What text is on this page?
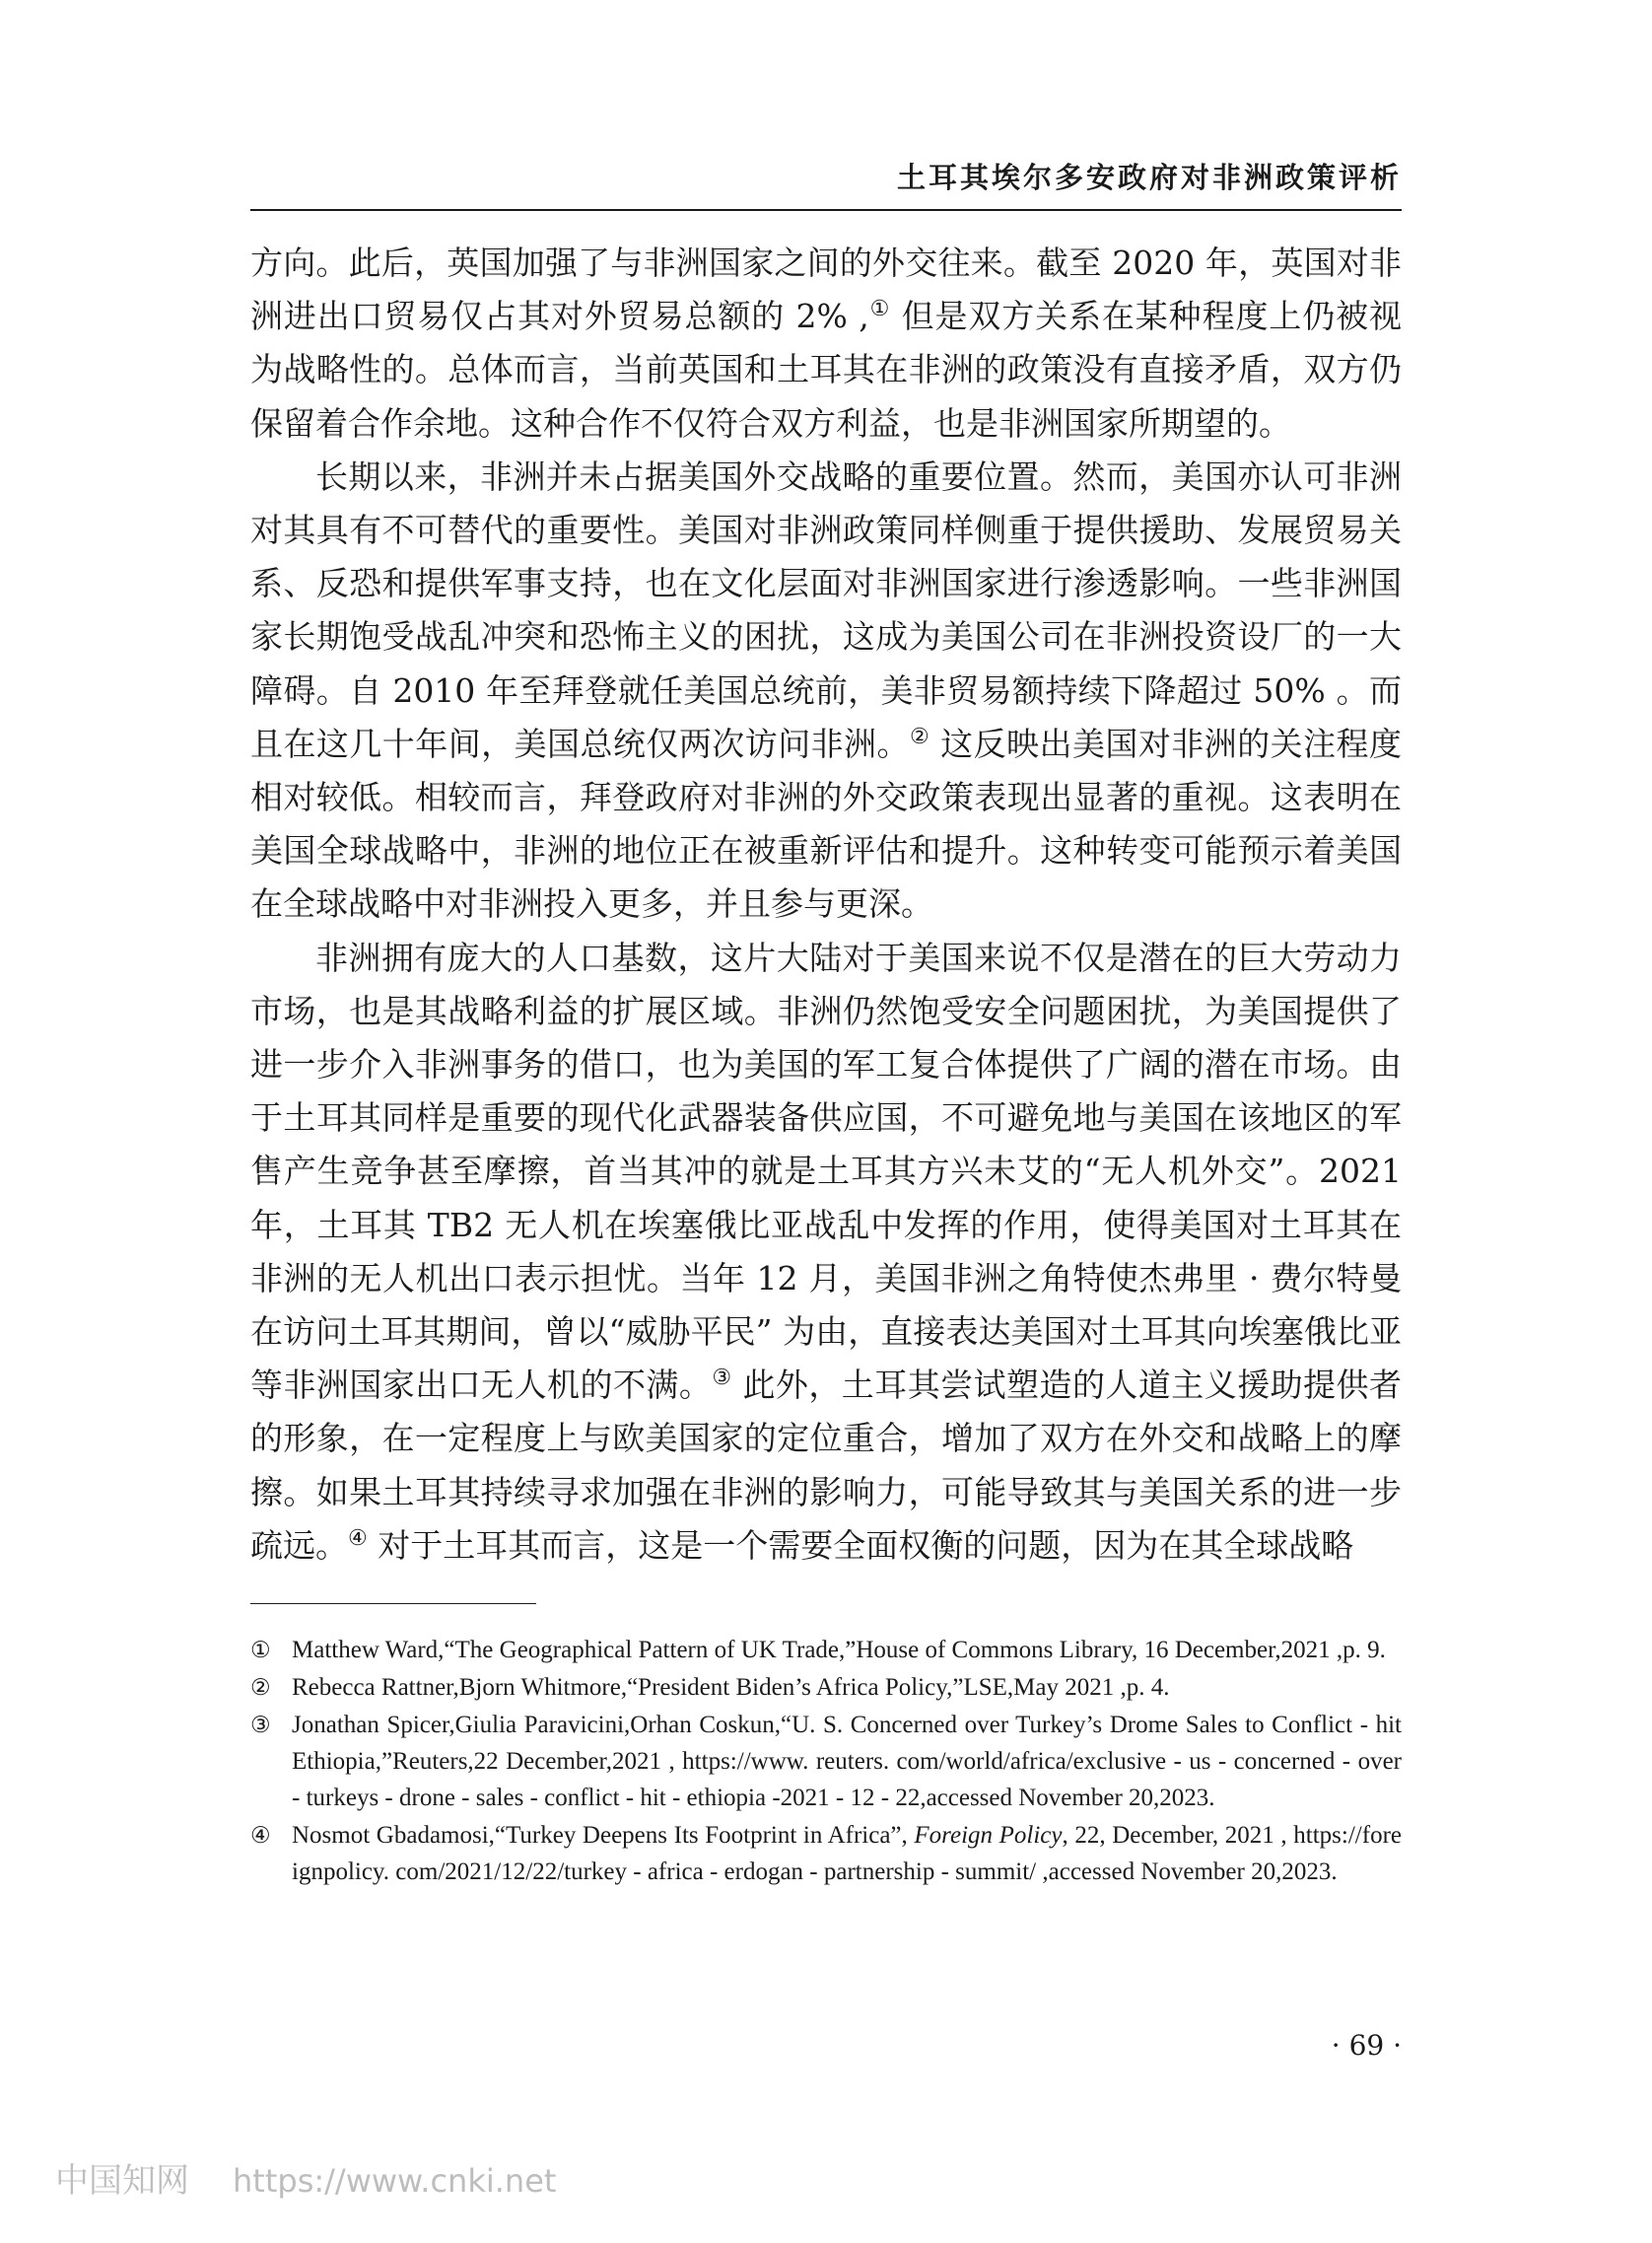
土耳其埃尔多安政府对非洲政策评析

方向。此后，英国加强了与非洲国家之间的外交往来。截至 2020 年，英国对非洲进出口贸易仅占其对外贸易总额的 2% ,① 但是双方关系在某种程度上仍被视为战略性的。总体而言，当前英国和土耳其在非洲的政策没有直接矛盾，双方仍保留着合作余地。这种合作不仅符合双方利益，也是非洲国家所期望的。

长期以来，非洲并未占据美国外交战略的重要位置。然而，美国亦认可非洲对其具有不可替代的重要性。美国对非洲政策同样侧重于提供援助、发展贸易关系、反恐和提供军事支持，也在文化层面对非洲国家进行渗透影响。一些非洲国家长期饱受战乱冲突和恐怖主义的困扰，这成为美国公司在非洲投资设厂的一大障碍。自 2010 年至拜登就任美国总统前，美非贸易额持续下降超过 50% 。而且在这几十年间，美国总统仅两次访问非洲。② 这反映出美国对非洲的关注程度相对较低。相较而言，拜登政府对非洲的外交政策表现出显著的重视。这表明在美国全球战略中，非洲的地位正在被重新评估和提升。这种转变可能预示着美国在全球战略中对非洲投入更多，并且参与更深。

非洲拥有庞大的人口基数，这片大陆对于美国来说不仅是潜在的巨大劳动力市场，也是其战略利益的扩展区域。非洲仍然饱受安全问题困扰，为美国提供了进一步介入非洲事务的借口，也为美国的军工复合体提供了广阔的潜在市场。由于土耳其同样是重要的现代化武器装备供应国，不可避免地与美国在该地区的军售产生竞争甚至摩擦，首当其冲的就是土耳其方兴未艾的“无人机外交”。2021 年，土耳其 TB2 无人机在埃塞俄比亚战乱中发挥的作用，使得美国对土耳其在非洲的无人机出口表示担忧。当年 12 月，美国非洲之角特使杰弗里 · 费尔特曼在访问土耳其期间，曾以“威胁平民” 为由，直接表达美国对土耳其向埃塞俄比亚等非洲国家出口无人机的不满。③ 此外，土耳其尝试塑造的人道主义援助提供者的形象，在一定程度上与欧美国家的定位重合，增加了双方在外交和战略上的摩擦。如果土耳其持续寻求加强在非洲的影响力，可能导致其与美国关系的进一步疏远。④ 对于土耳其而言，这是一个需要全面权衡的问题，因为在其全球战略

① Matthew Ward,“The Geographical Pattern of UK Trade,”House of Commons Library, 16 December,2021 ,p. 9.
② Rebecca Rattner,Bjorn Whitmore,“President Biden’s Africa Policy,”LSE,May 2021 ,p. 4.
③ Jonathan Spicer,Giulia Paravicini,Orhan Coskun,“U. S. Concerned over Turkey’s Drome Sales to Conflict - hit Ethiopia,”Reuters,22 December,2021 , https://www. reuters. com/world/africa/exclusive - us - concerned - over - turkeys - drone - sales - conflict - hit - ethiopia -2021 - 12 - 22,accessed November 20,2023.
④ Nosmot Gbadamosi,“Turkey Deepens Its Footprint in Africa”, Foreign Policy, 22, December, 2021 , https://foreignpolicy. com/2021/12/22/turkey - africa - erdogan - partnership - summit/ ,accessed November 20,2023.
· 69 ·
中国知网 https://www.cnki.net
